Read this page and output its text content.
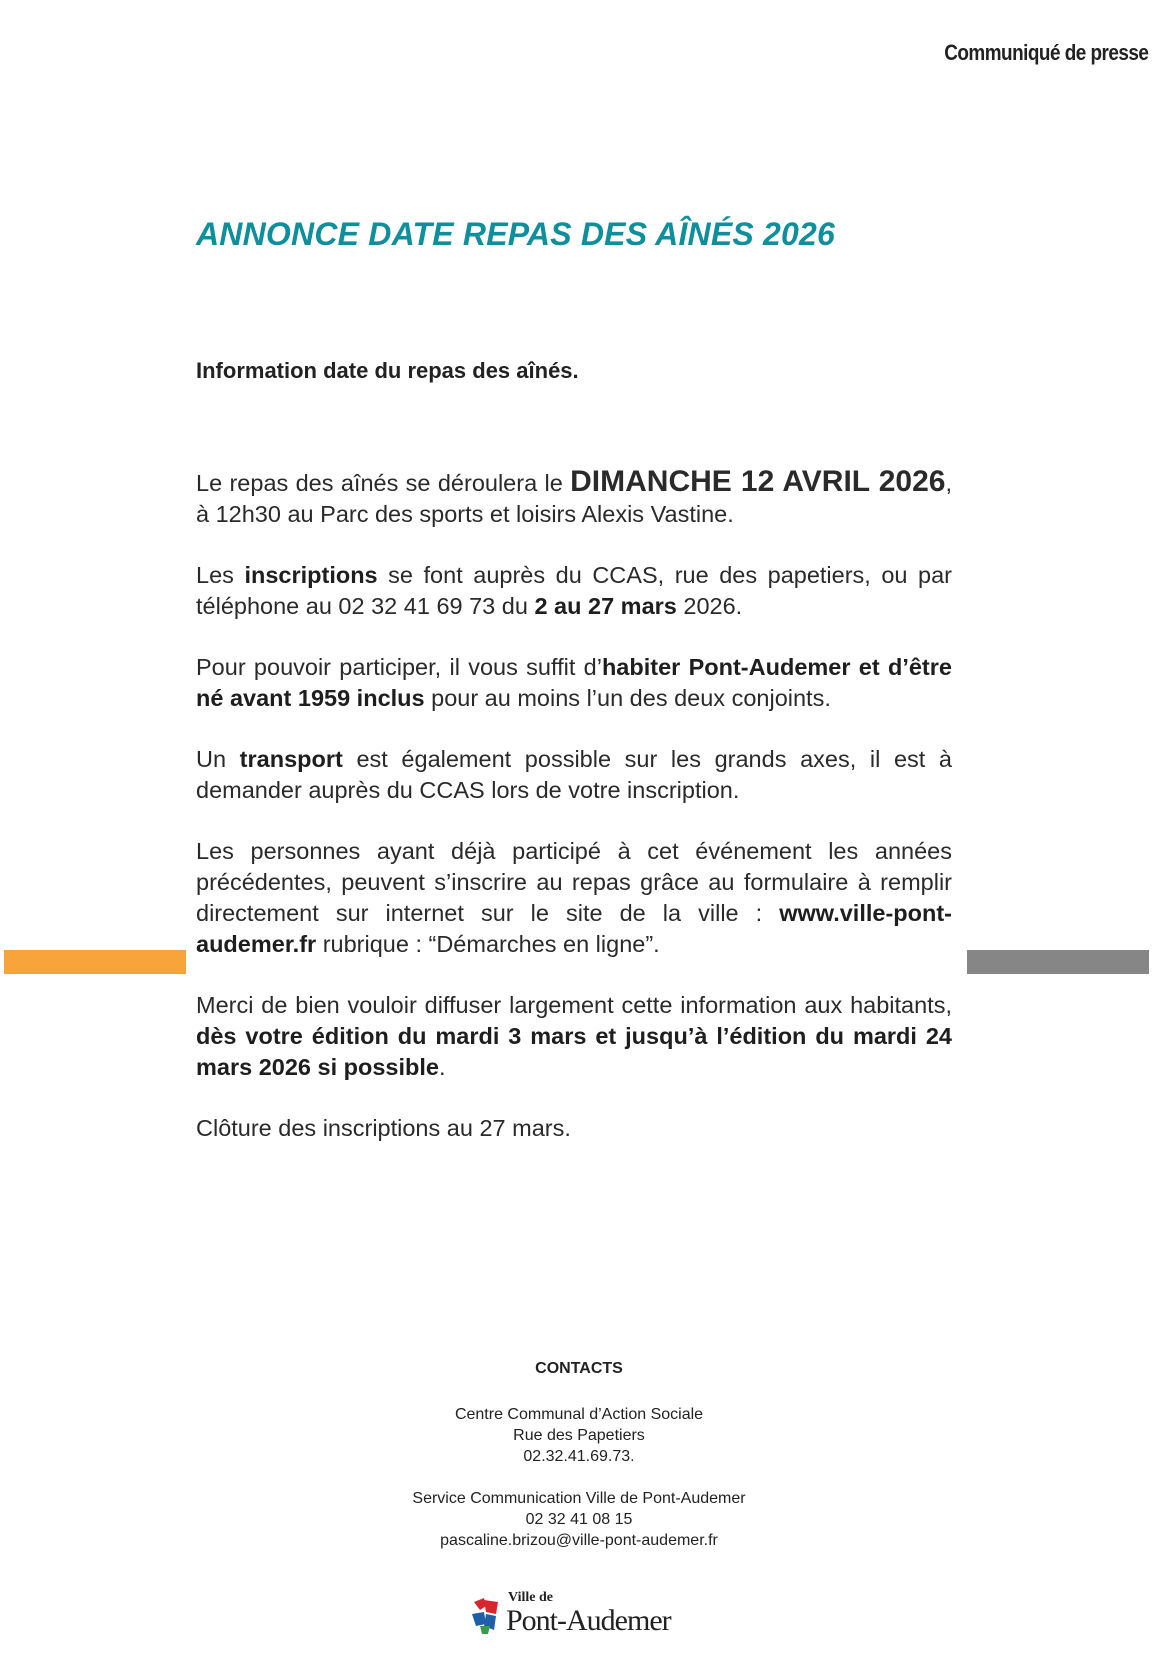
Communiqué de presse
ANNONCE DATE REPAS DES AÎNÉS 2026

Information date du repas des aînés.

Le repas des aînés se déroulera le DIMANCHE 12 AVRIL 2026, à 12h30 au Parc des sports et loisirs Alexis Vastine.

Les inscriptions se font auprès du CCAS, rue des papetiers, ou par téléphone au 02 32 41 69 73 du 2 au 27 mars 2026.

Pour pouvoir participer, il vous suffit d’habiter Pont-Audemer et d’être né avant 1959 inclus pour au moins l’un des deux conjoints.

Un transport est également possible sur les grands axes, il est à demander auprès du CCAS lors de votre inscription.

Les personnes ayant déjà participé à cet événement les années précédentes, peuvent s’inscrire au repas grâce au formulaire à remplir directement sur internet sur le site de la ville : www.ville-pont-audemer.fr rubrique : “Démarches en ligne”.

Merci de bien vouloir diffuser largement cette information aux habitants, dès votre édition du mardi 3 mars et jusqu’à l’édition du mardi 24 mars 2026 si possible.

Clôture des inscriptions au 27 mars.

CONTACTS
Centre Communal d’Action Sociale
Rue des Papetiers
02.32.41.69.73.
Service Communication Ville de Pont-Audemer
02 32 41 08 15
pascaline.brizou@ville-pont-audemer.fr
Ville de
Pont-Audemer
